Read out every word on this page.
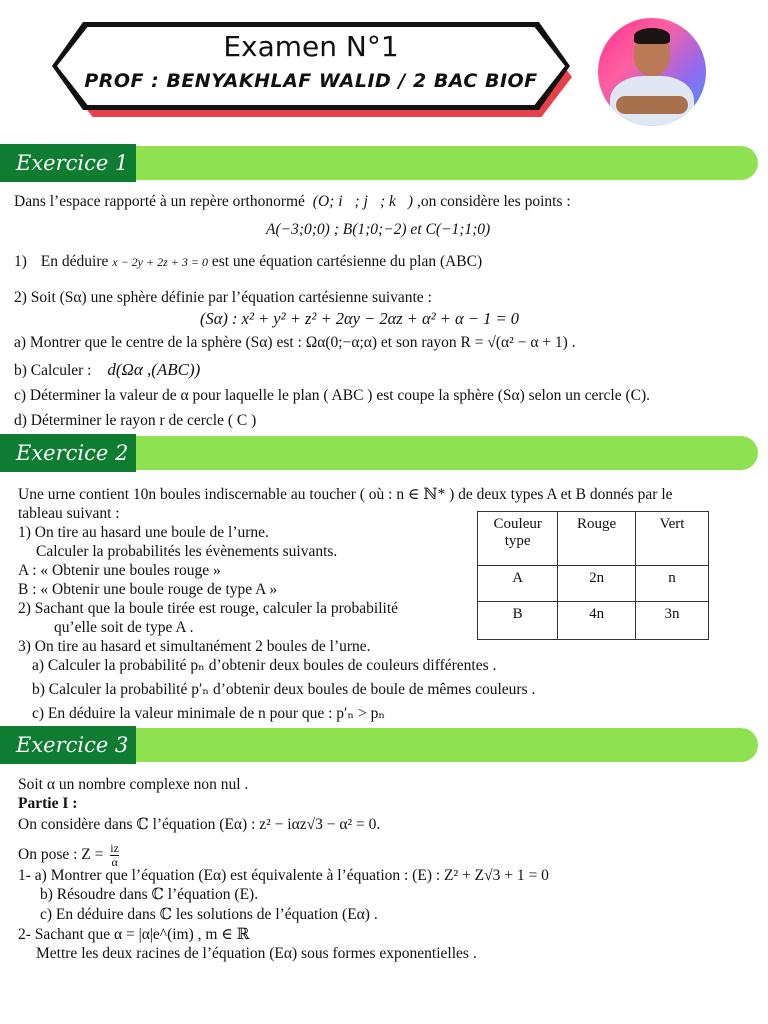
Examen N°1
PROF : BENYAKHLAF WALID / 2 BAC BIOF
Exercice 1
Dans l’espace rapporté à un repère orthonormé (O; i⃗; j⃗; k⃗) ,on considère les points :
A(−3;0;0) ; B(1;0;−2) et C(−1;1;0)
1) En déduire x − 2y + 2z + 3 = 0 est une équation cartésienne du plan (ABC)
2) Soit (Sα) une sphère définie par l’équation cartésienne suivante :
(Sα) : x² + y² + z² + 2αy − 2αz + α² + α − 1 = 0
a) Montrer que le centre de la sphère (Sα) est : Ωα(0;−α;α) et son rayon R = √(α² − α + 1) .
b) Calculer : d(Ωα ,(ABC))
c) Déterminer la valeur de α pour laquelle le plan ( ABC ) est coupe la sphère (Sα) selon un cercle (C).
d) Déterminer le rayon r de cercle ( C )
Exercice 2
Une urne contient 10n boules indiscernable au toucher ( où : n ∈ ℕ* ) de deux types A et B donnés par le
tableau suivant :
1) On tire au hasard une boule de l’urne.
Calculer la probabilités les évènements suivants.
A : « Obtenir une boules rouge »
B : « Obtenir une boule rouge de type A »
2) Sachant que la boule tirée est rouge, calculer la probabilité
qu’elle soit de type A .
3) On tire au hasard et simultanément 2 boules de l’urne.
a) Calculer la probabilité pₙ d’obtenir deux boules de couleurs différentes .
b) Calculer la probabilité p′ₙ d’obtenir deux boules de boule de mêmes couleurs .
c) En déduire la valeur minimale de n pour que : p′ₙ > pₙ
Couleur type	Rouge	Vert
A	2n	n
B	4n	3n
Exercice 3
Soit α un nombre complexe non nul .
Partie I :
On considère dans ℂ l’équation (Eα) : z² − iαz√3 − α² = 0.
On pose : $Z = \frac{iz}{\alpha}$
1- a) Montrer que l’équation (Eα) est équivalente à l’équation : (E) : Z² + Z√3 + 1 = 0
b) Résoudre dans ℂ l’équation (E).
c) En déduire dans ℂ les solutions de l’équation (Eα) .
2- Sachant que α = |α|e^(im) , m ∈ ℝ
Mettre les deux racines de l’équation (Eα) sous formes exponentielles .
